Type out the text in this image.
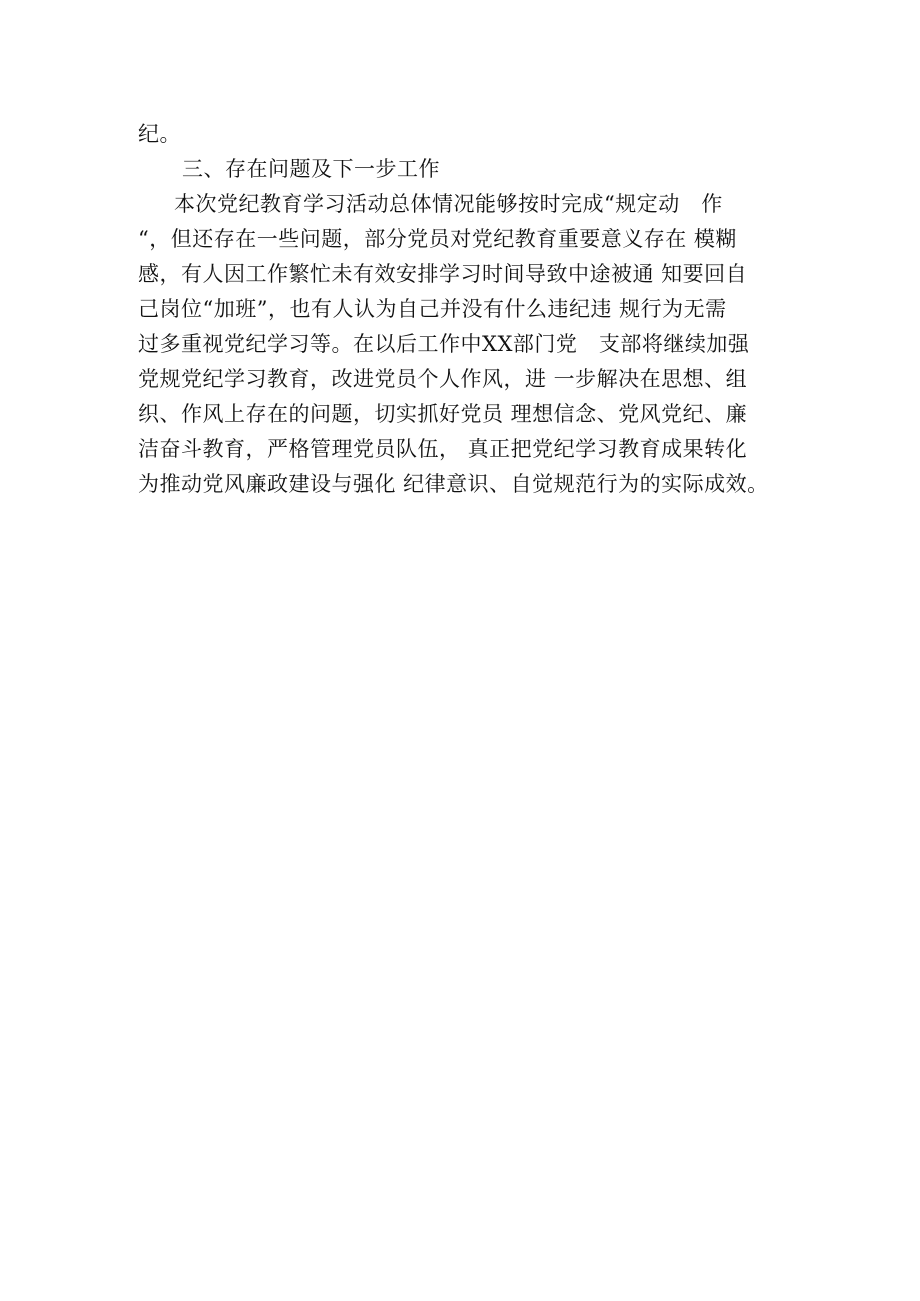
纪。
三、存在问题及下一步工作
本次党纪教育学习活动总体情况能够按时完成“规定动　作
“，但还存在一些问题，部分党员对党纪教育重要意义存在 模糊
感，有人因工作繁忙未有效安排学习时间导致中途被通 知要回自
己岗位“加班”，也有人认为自己并没有什么违纪违 规行为无需
过多重视党纪学习等。在以后工作中XX部门党　支部将继续加强
党规党纪学习教育，改进党员个人作风，进 一步解决在思想、组
织、作风上存在的问题，切实抓好党员 理想信念、党风党纪、廉
洁奋斗教育，严格管理党员队伍， 真正把党纪学习教育成果转化
为推动党风廉政建设与强化 纪律意识、自觉规范行为的实际成效。
